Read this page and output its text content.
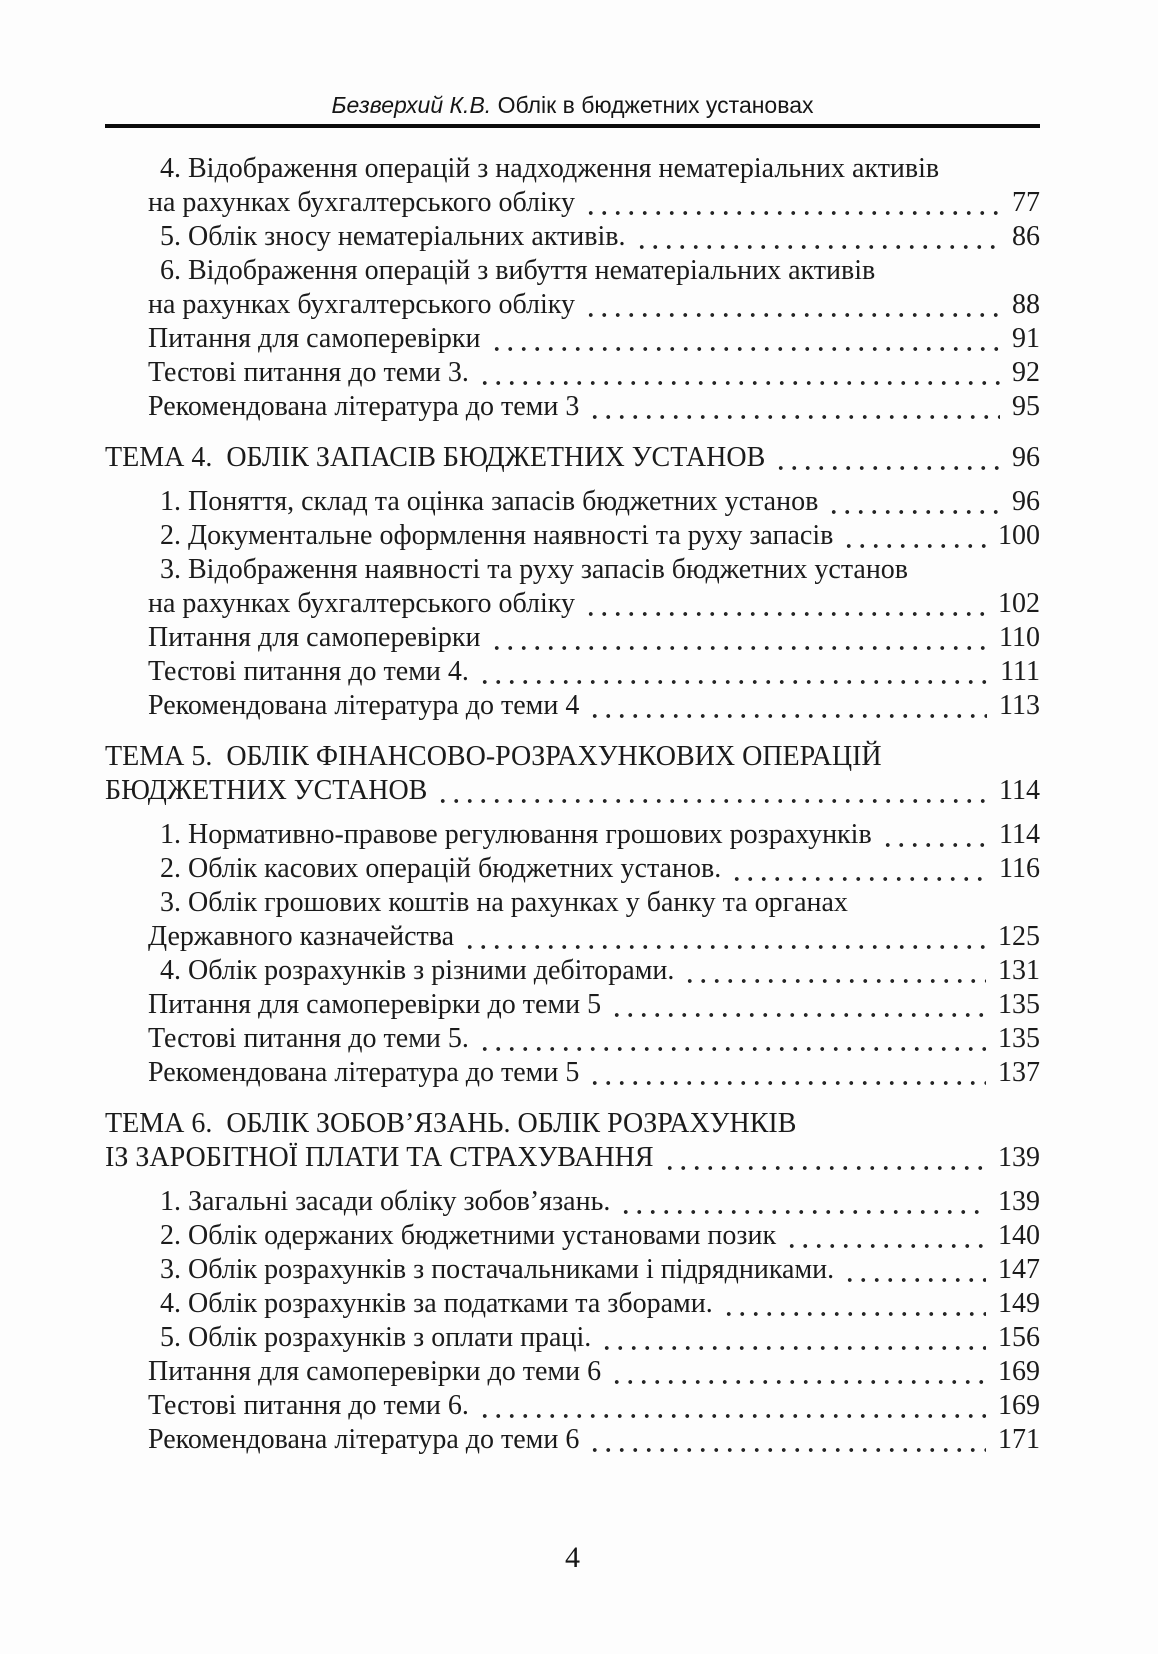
Безверхий К.В. Облік в бюджетних установах
4. Відображення операцій з надходження нематеріальних активів
на рахунках бухгалтерського обліку	77
5. Облік зносу нематеріальних активів.	86
6. Відображення операцій з вибуття нематеріальних активів
на рахунках бухгалтерського обліку	88
Питання для самоперевірки	91
Тестові питання до теми 3.	92
Рекомендована література до теми 3	95
ТЕМА 4.  ОБЛІК ЗАПАСІВ БЮДЖЕТНИХ УСТАНОВ	96
1. Поняття, склад та оцінка запасів бюджетних установ	96
2. Документальне оформлення наявності та руху запасів	100
3. Відображення наявності та руху запасів бюджетних установ
на рахунках бухгалтерського обліку	102
Питання для самоперевірки	110
Тестові питання до теми 4.	111
Рекомендована література до теми 4	113
ТЕМА 5.  ОБЛІК ФІНАНСОВО-РОЗРАХУНКОВИХ ОПЕРАЦІЙ
БЮДЖЕТНИХ УСТАНОВ	114
1. Нормативно-правове регулювання грошових розрахунків	114
2. Облік касових операцій бюджетних установ.	116
3. Облік грошових коштів на рахунках у банку та органах
Державного казначейства	125
4. Облік розрахунків з різними дебіторами.	131
Питання для самоперевірки до теми 5	135
Тестові питання до теми 5.	135
Рекомендована література до теми 5	137
ТЕМА 6.  ОБЛІК ЗОБОВ’ЯЗАНЬ. ОБЛІК РОЗРАХУНКІВ
ІЗ ЗАРОБІТНОЇ ПЛАТИ ТА СТРАХУВАННЯ	139
1. Загальні засади обліку зобов’язань.	139
2. Облік одержаних бюджетними установами позик	140
3. Облік розрахунків з постачальниками і підрядниками.	147
4. Облік розрахунків за податками та зборами.	149
5. Облік розрахунків з оплати праці.	156
Питання для самоперевірки до теми 6	169
Тестові питання до теми 6.	169
Рекомендована література до теми 6	171
4
